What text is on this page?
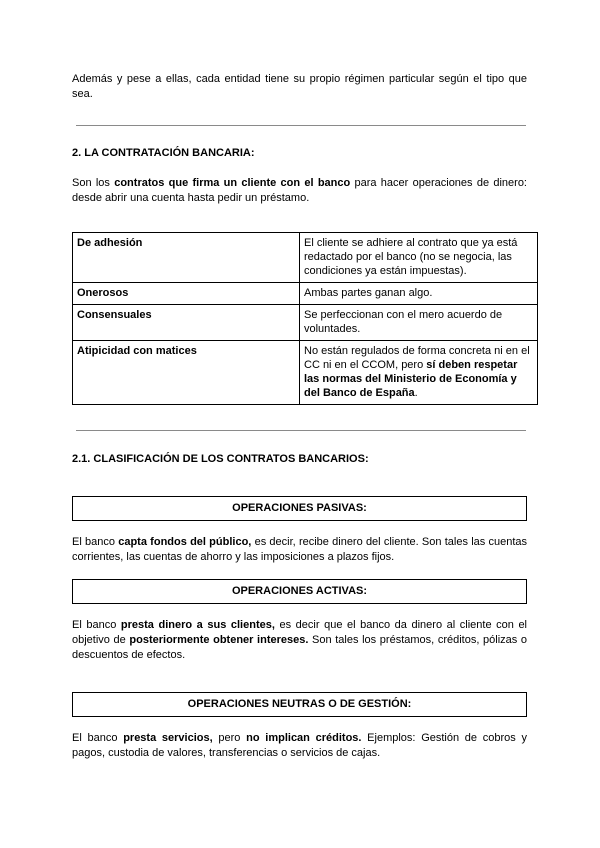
Además y pese a ellas, cada entidad tiene su propio régimen particular según el tipo que sea.

2. LA CONTRATACIÓN BANCARIA:

Son los contratos que firma un cliente con el banco para hacer operaciones de dinero: desde abrir una cuenta hasta pedir un préstamo.

De adhesión	El cliente se adhiere al contrato que ya está redactado por el banco (no se negocia, las condiciones ya están impuestas).
Onerosos	Ambas partes ganan algo.
Consensuales	Se perfeccionan con el mero acuerdo de voluntades.
Atipicidad con matices	No están regulados de forma concreta ni en el CC ni en el CCOM, pero sí deben respetar las normas del Ministerio de Economía y del Banco de España.

2.1. CLASIFICACIÓN DE LOS CONTRATOS BANCARIOS:

OPERACIONES PASIVAS:

El banco capta fondos del público, es decir, recibe dinero del cliente. Son tales las cuentas corrientes, las cuentas de ahorro y las imposiciones a plazos fijos.

OPERACIONES ACTIVAS:

El banco presta dinero a sus clientes, es decir que el banco da dinero al cliente con el objetivo de posteriormente obtener intereses. Son tales los préstamos, créditos, pólizas o descuentos de efectos.

OPERACIONES NEUTRAS O DE GESTIÓN:

El banco presta servicios, pero no implican créditos. Ejemplos: Gestión de cobros y pagos, custodia de valores, transferencias o servicios de cajas.
